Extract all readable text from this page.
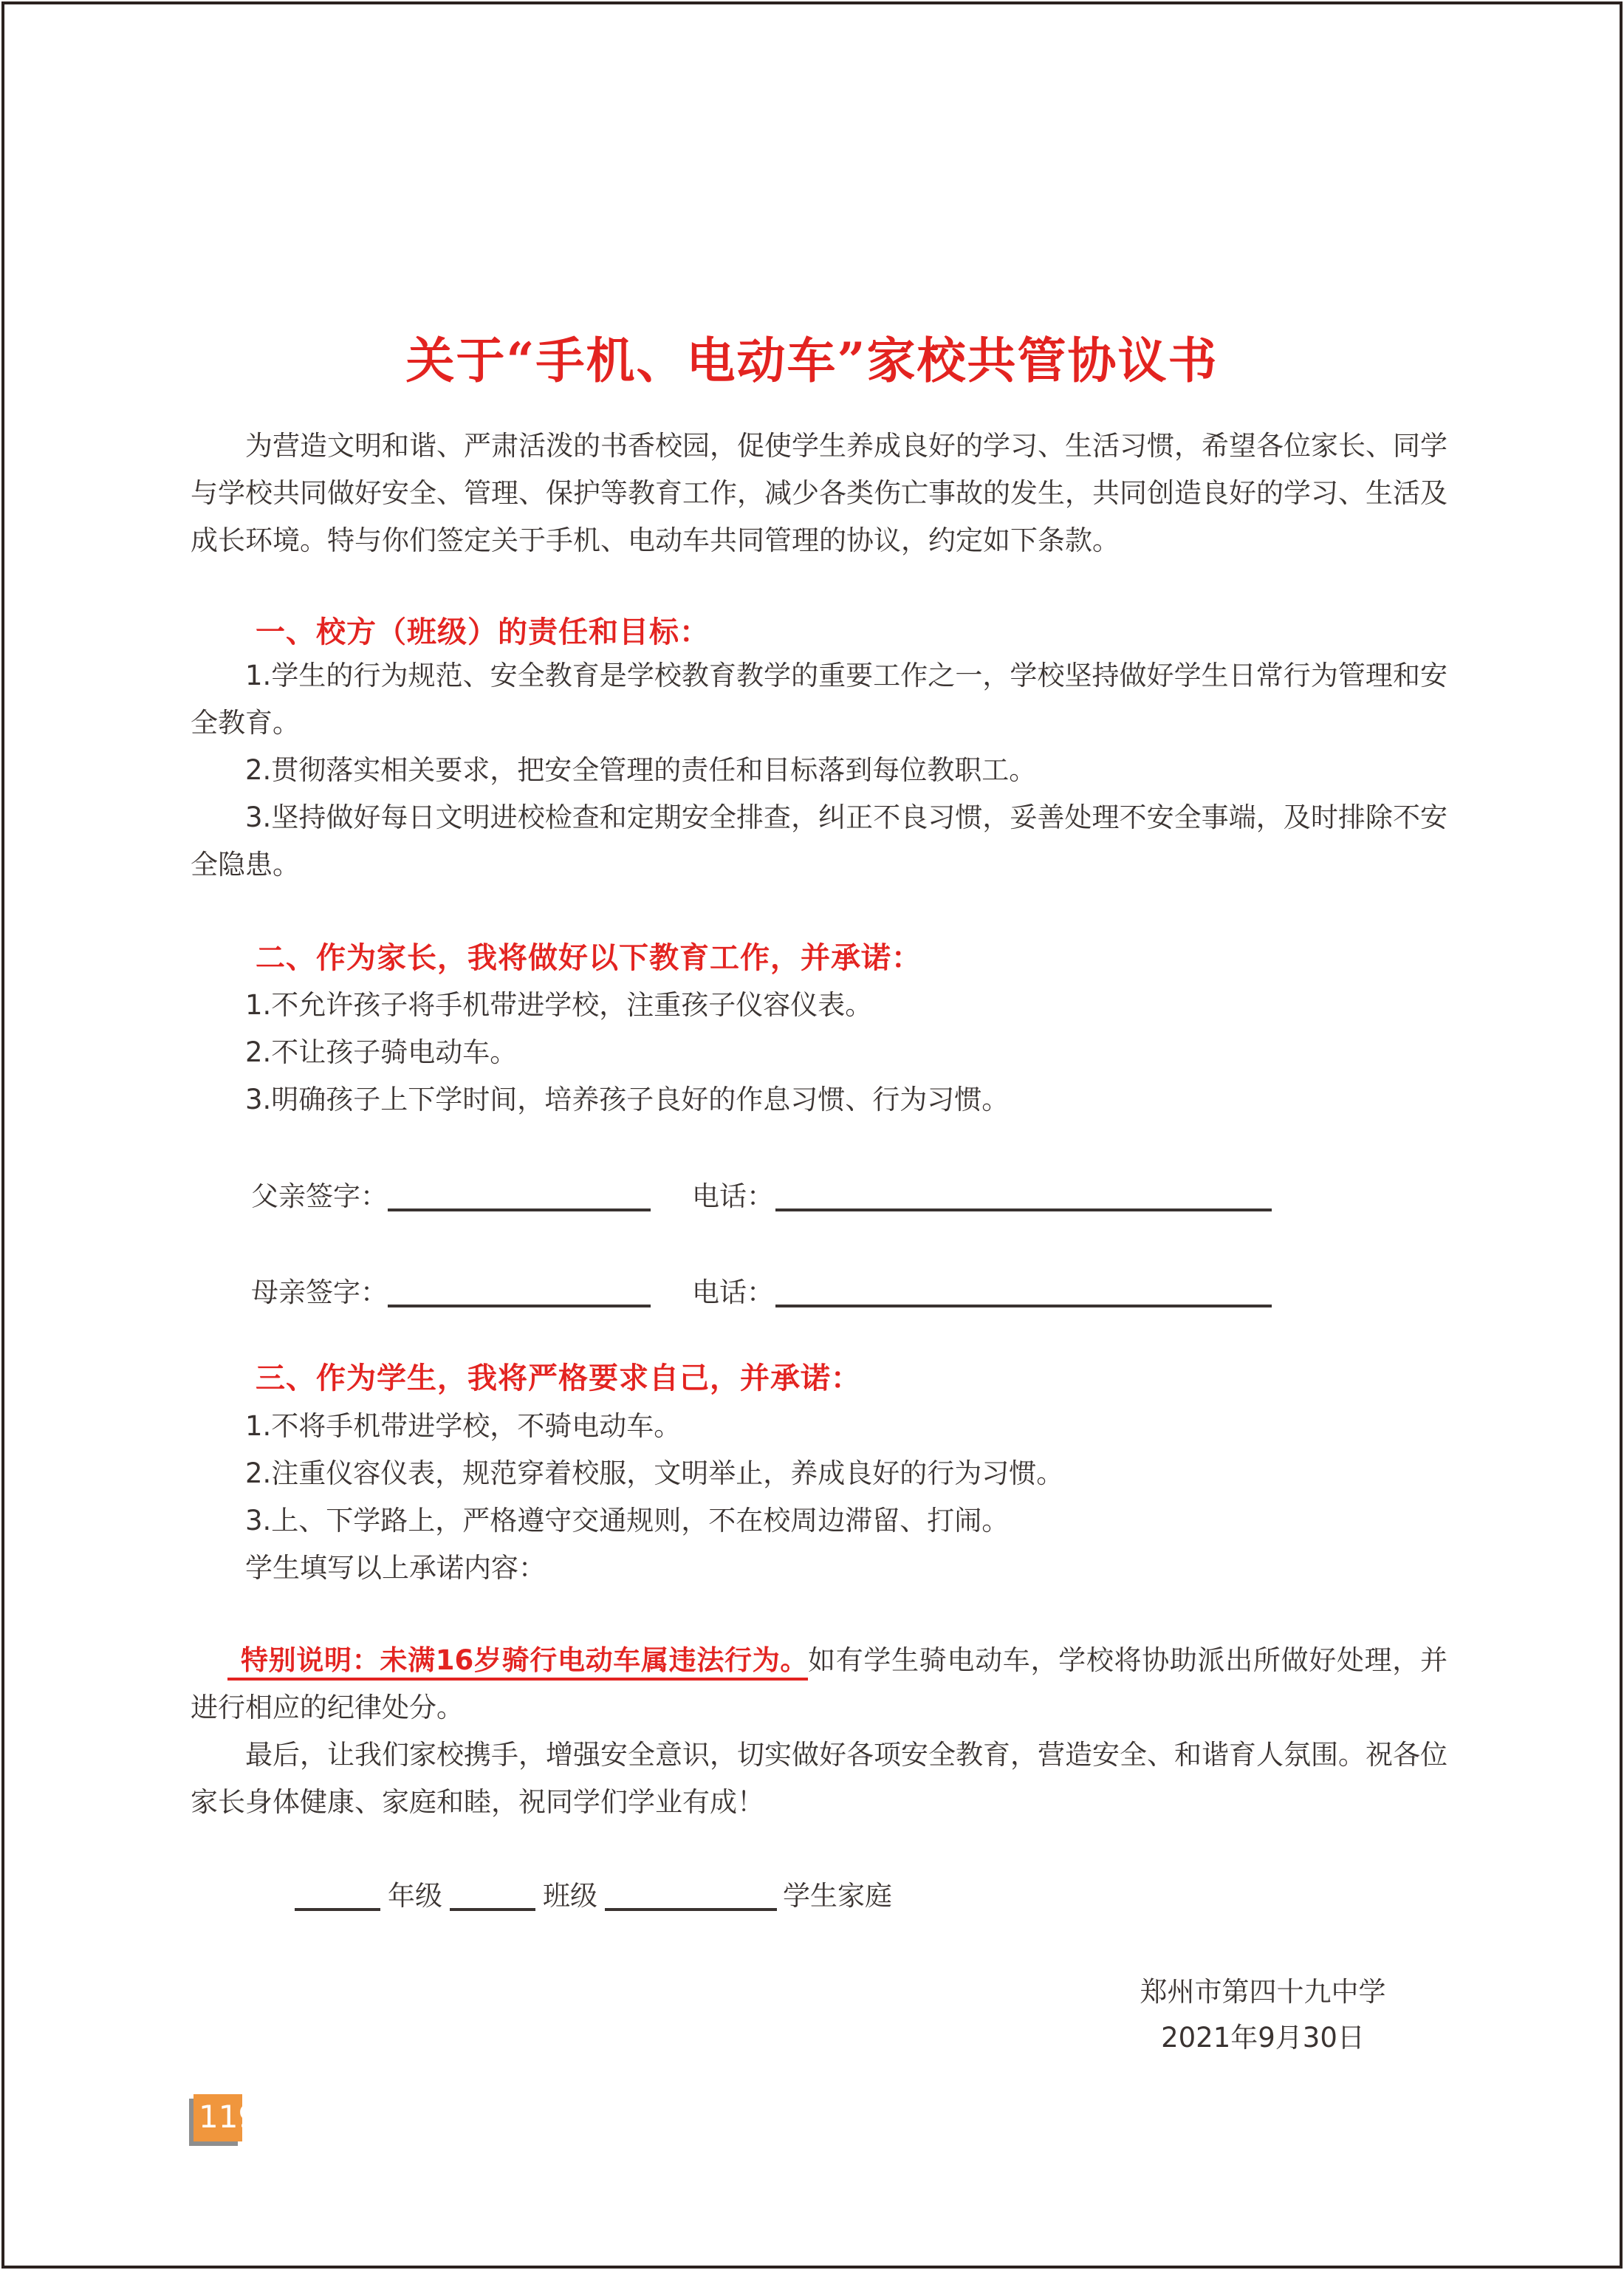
关于“手机、电动车”家校共管协议书

为营造文明和谐、严肃活泼的书香校园，促使学生养成良好的学习、生活习惯，希望各位家长、同学与学校共同做好安全、管理、保护等教育工作，减少各类伤亡事故的发生，共同创造良好的学习、生活及成长环境。特与你们签定关于手机、电动车共同管理的协议，约定如下条款。

一、校方（班级）的责任和目标：

1.学生的行为规范、安全教育是学校教育教学的重要工作之一，学校坚持做好学生日常行为管理和安全教育。

2.贯彻落实相关要求，把安全管理的责任和目标落到每位教职工。

3.坚持做好每日文明进校检查和定期安全排查，纠正不良习惯，妥善处理不安全事端，及时排除不安全隐患。

二、作为家长，我将做好以下教育工作，并承诺：

1.不允许孩子将手机带进学校，注重孩子仪容仪表。

2.不让孩子骑电动车。

3.明确孩子上下学时间，培养孩子良好的作息习惯、行为习惯。

父亲签字：	电话：
母亲签字：	电话：
三、作为学生，我将严格要求自己，并承诺：

1.不将手机带进学校，不骑电动车。

2.注重仪容仪表，规范穿着校服，文明举止，养成良好的行为习惯。

3.上、下学路上，严格遵守交通规则，不在校周边滞留、打闹。

学生填写以上承诺内容：

特别说明：未满16岁骑行电动车属违法行为。如有学生骑电动车，学校将协助派出所做好处理，并进行相应的纪律处分。

最后，让我们家校携手，增强安全意识，切实做好各项安全教育，营造安全、和谐育人氛围。祝各位家长身体健康、家庭和睦，祝同学们学业有成！

年级	班级	学生家庭

郑州市第四十九中学

2021年9月30日

119
